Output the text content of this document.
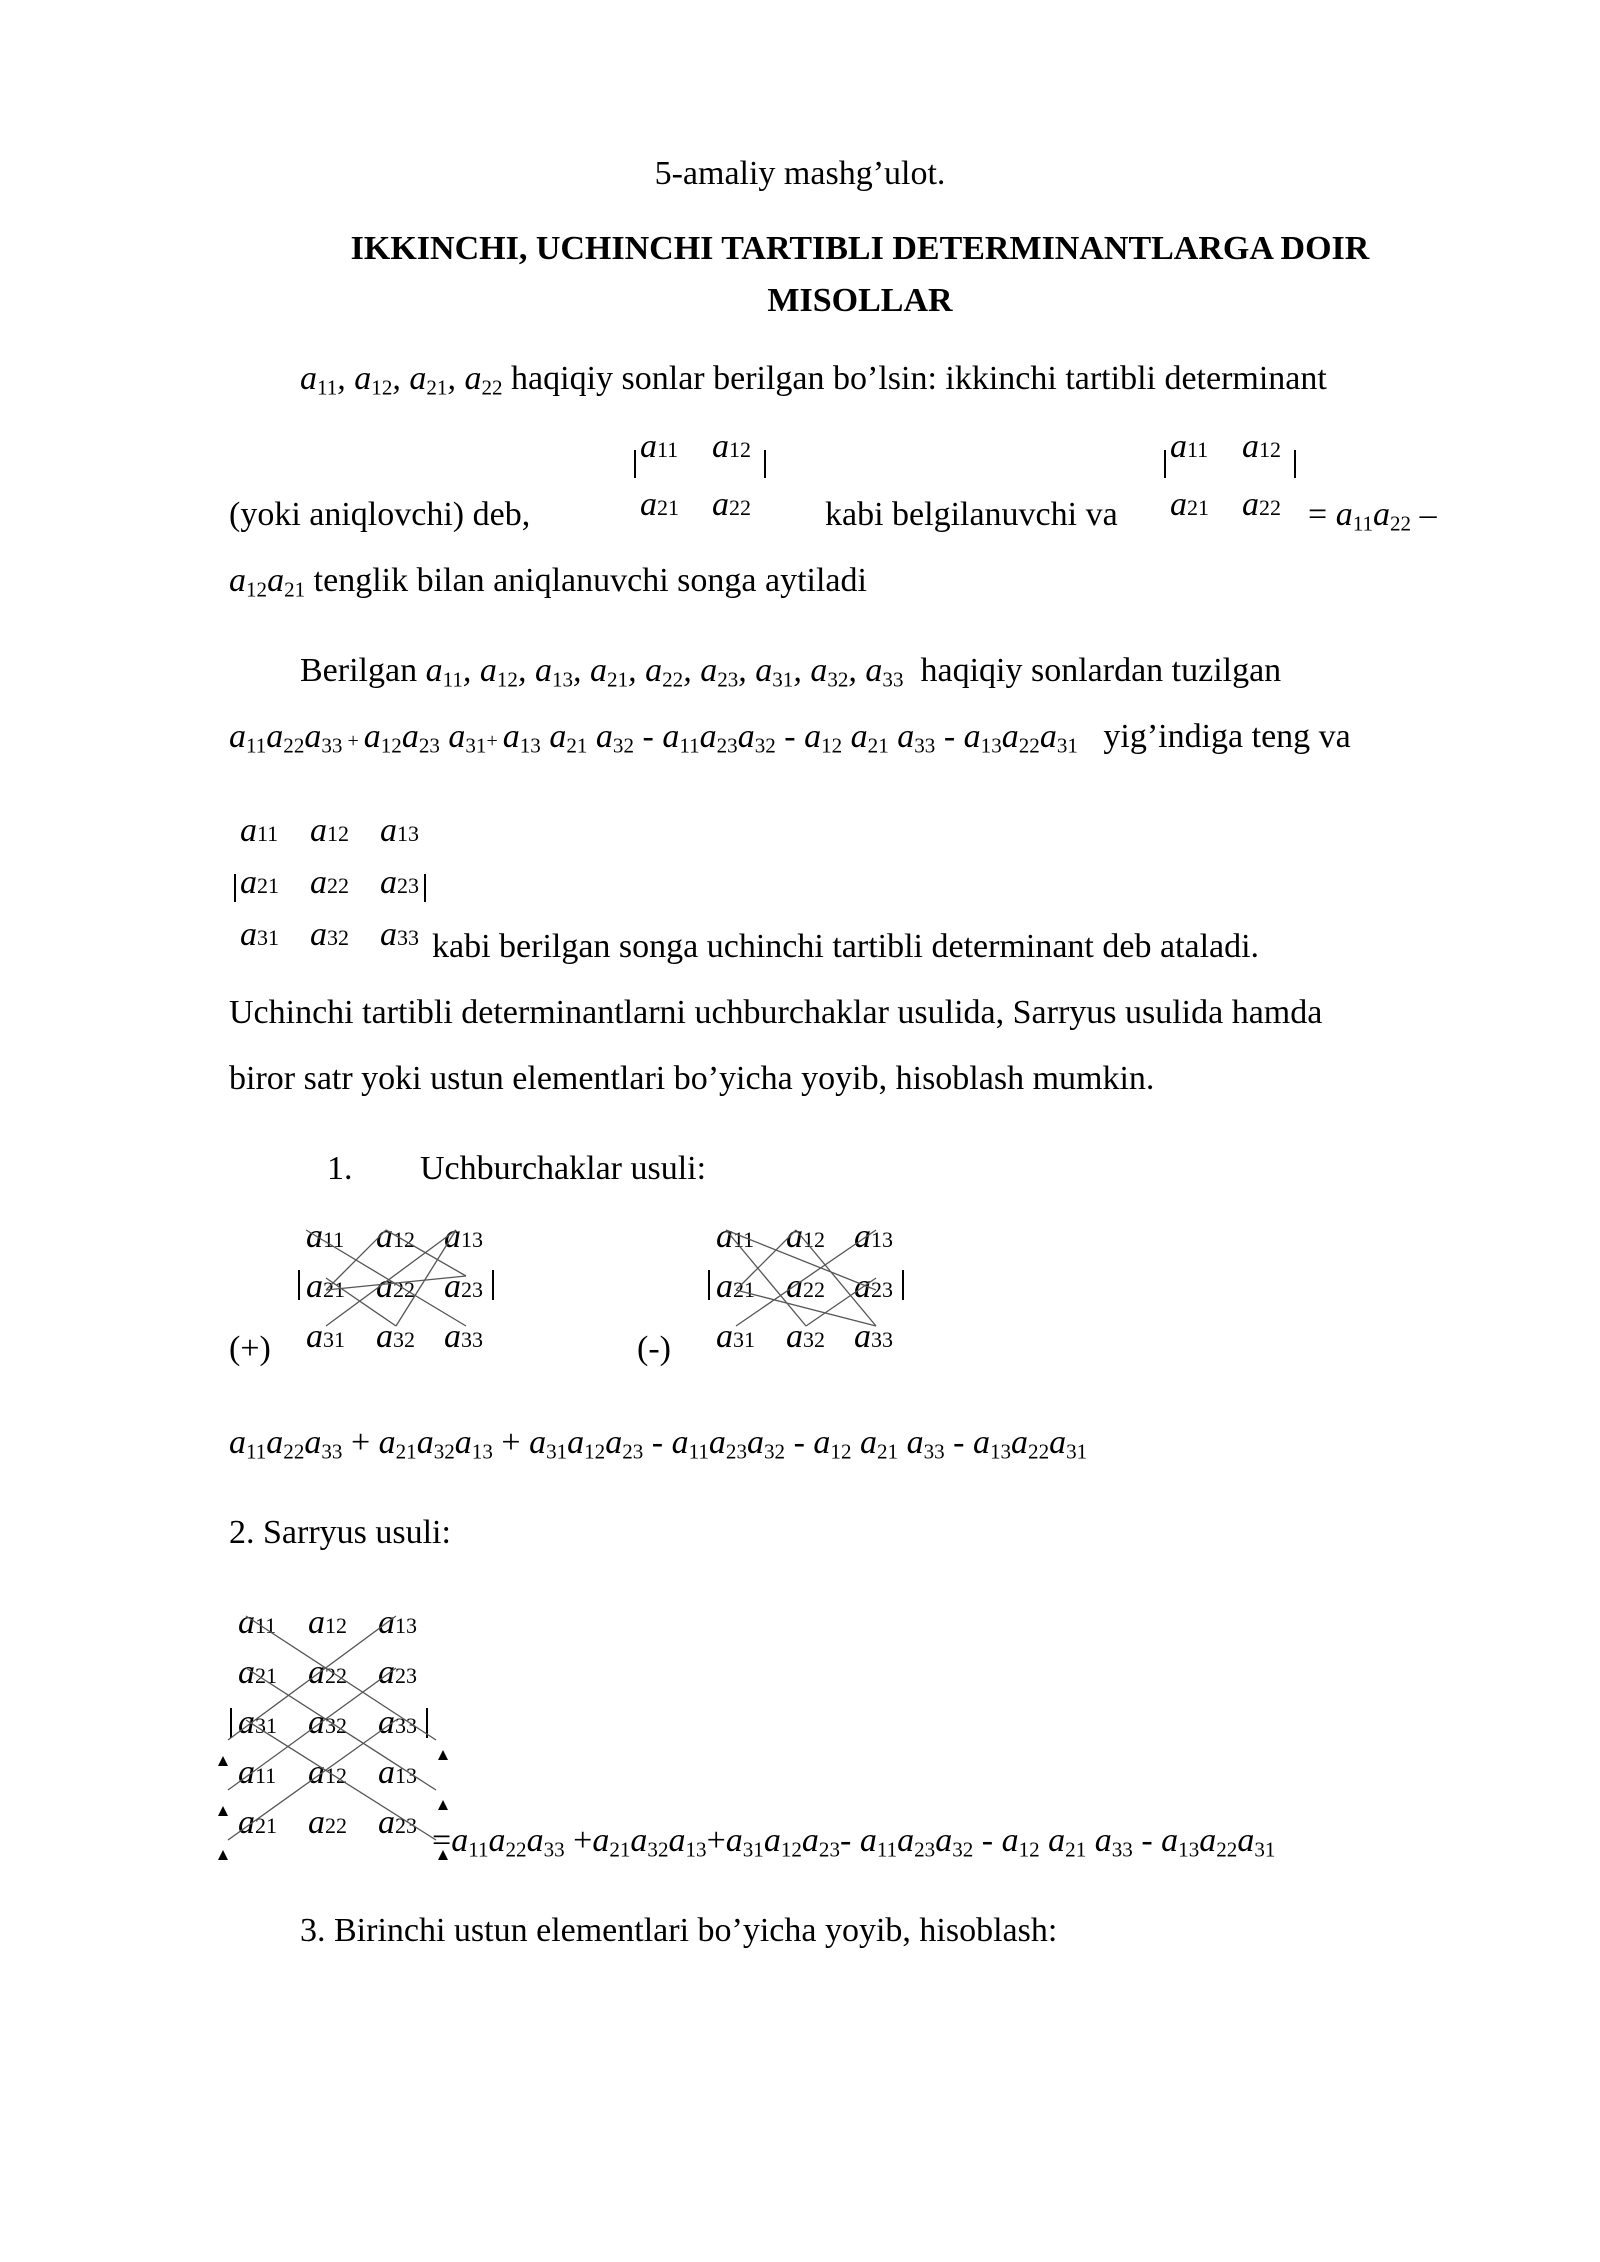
5-amaliy mashg’ulot.
IKKINCHI, UCHINCHI TARTIBLI DETERMINANTLARGA DOIR
MISOLLAR
$a_{11}$, $a_{12}$, $a_{21}$, $a_{22}$ haqiqiy sonlar berilgan bo’lsin: ikkinchi tartibli determinant
(yoki aniqlovchi) deb,
a11 a12
a21 a22 kabi belgilanuvchi va
a11 a12
a21 $a22 = a_{11}a_{22}$ –
$a_{12}a_{21}$ tenglik bilan aniqlanuvchi songa aytiladi
Berilgan $a_{11}$, $a_{12}$, $a_{13}$, $a_{21}$, $a_{22}$, $a_{23}$, $a_{31}$, $a_{32}$, $a_{33}$ haqiqiy sonlardan tuzilgan
$a_{11}a_{22}a_{33} + a_{12}a_{23}$ $a_{31}+ a_{13}$ $a_{21}$ $a_{32} - a_{11}a_{23}a_{32} - a_{12}$ $a_{21}$ $a_{33} - a_{13}a_{22}a_{31}$ yig’indiga teng va
a11 a12 a13
a21 a22 a23
a31 a32 a33 kabi berilgan songa uchinchi tartibli determinant deb ataladi.
Uchinchi tartibli determinantlarni uchburchaklar usulida, Sarryus usulida hamda
biror satr yoki ustun elementlari bo’yicha yoyib, hisoblash mumkin.
1. Uchburchaklar usuli:
a11 a12 a13
a21 a22 a23
a31 a32 a33
(+)
a11 a12 a13
a21 a22 a23
a31 a32 a33
(-)
$a_{11}a_{22}a_{33} + a_{21}a_{32}a_{13} + a_{31}a_{12}a_{23} - a_{11}a_{23}a_{32} - a_{12}$ $a_{21}$ $a_{33} - a_{13}a_{22}a_{31}$
2. Sarryus usuli:
a11 a12 a13
a21 a22 a23
a31 a32 a33
a11 a12 a13
a21 a22 $a23 =a_{11}a_{22}a_{33} +a_{21}a_{32}a_{13}+a_{31}a_{12}a_{23}-$ $a_{11}a_{23}a_{32} - a_{12}$ $a_{21}$ $a_{33} - a_{13}a_{22}a_{31}$
3. Birinchi ustun elementlari bo’yicha yoyib, hisoblash:
